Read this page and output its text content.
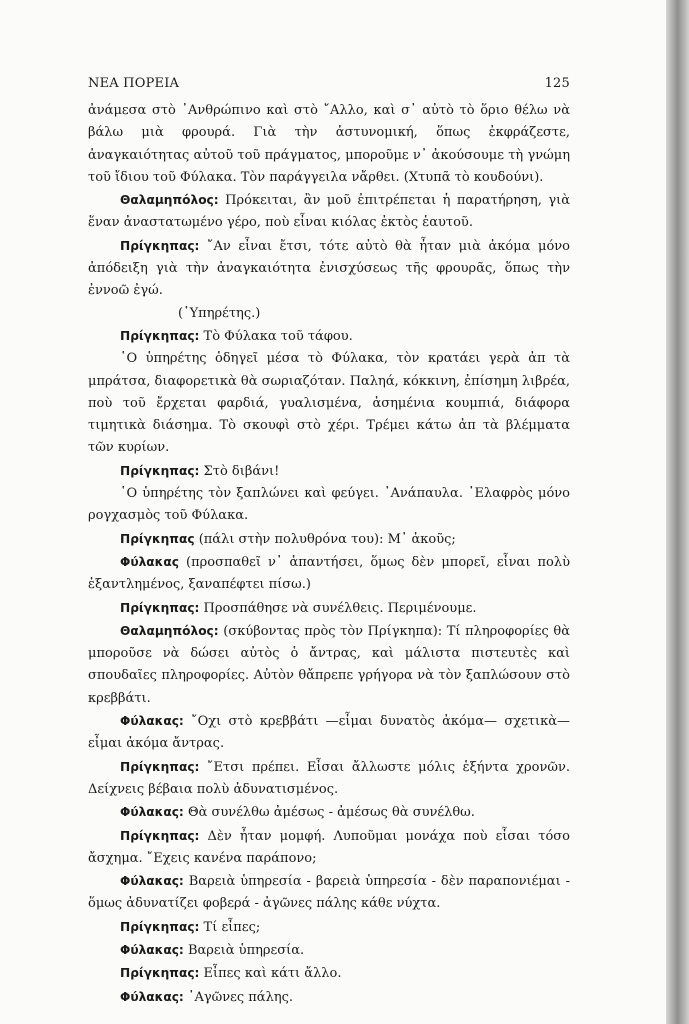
ΝΕΑ ΠΟΡΕΙΑ	125

ἀνάμεσα στὸ ᾿Ανθρώπινο καὶ στὸ ῎Αλλο, καὶ σ᾿ αὐτὸ τὸ ὅριο θέλω νὰ βάλω μιὰ φρουρά. Γιὰ τὴν ἀστυνομική, ὅπως ἐκφράζεστε, ἀναγκαιότητας αὐτοῦ τοῦ πράγματος, μποροῦμε ν᾿ ἀκούσουμε τὴ γνώμη τοῦ ἴδιου τοῦ Φύλακα. Τὸν παράγγειλα νἄρθει. (Χτυπᾶ τὸ κουδούνι).

Θαλαμηπόλος: Πρόκειται, ἂν μοῦ ἐπιτρέπεται ἡ παρατήρηση, γιὰ ἕναν ἀναστατωμένο γέρο, ποὺ εἶναι κιόλας ἐκτὸς ἑαυτοῦ.

Πρίγκηπας: ῎Αν εἶναι ἔτσι, τότε αὐτὸ θὰ ἦταν μιὰ ἀκόμα μόνο ἀπόδειξη γιὰ τὴν ἀναγκαιότητα ἐνισχύσεως τῆς φρουρᾶς, ὅπως τὴν ἐννοῶ ἐγώ.

(῾Υπηρέτης.)

Πρίγκηπας: Τὸ Φύλακα τοῦ τάφου.

῾Ο ὑπηρέτης ὁδηγεῖ μέσα τὸ Φύλακα, τὸν κρατάει γερὰ ἀπ τὰ μπράτσα, διαφορετικὰ θὰ σωριαζόταν. Παληά, κόκκινη, ἐπίσημη λιβρέα, ποὺ τοῦ ἔρχεται φαρδιά, γυαλισμένα, ἀσημένια κουμπιά, διάφορα τιμητικὰ διάσημα. Τὸ σκουφὶ στὸ χέρι. Τρέμει κάτω ἀπ τὰ βλέμματα τῶν κυρίων.

Πρίγκηπας: Στὸ διβάνι!

῾Ο ὑπηρέτης τὸν ξαπλώνει καὶ φεύγει. ᾿Ανάπαυλα. ᾿Ελαφρὸς μόνο ρογχασμὸς τοῦ Φύλακα.

Πρίγκηπας (πάλι στὴν πολυθρόνα του): Μ᾿ ἀκοῦς;

Φύλακας (προσπαθεῖ ν᾿ ἀπαντήσει, ὅμως δὲν μπορεῖ, εἶναι πολὺ ἐξαντλημένος, ξαναπέφτει πίσω.)

Πρίγκηπας: Προσπάθησε νὰ συνέλθεις. Περιμένουμε.

Θαλαμηπόλος: (σκύβοντας πρὸς τὸν Πρίγκηπα): Τί πληροφορίες θὰ μποροῦσε νὰ δώσει αὐτὸς ὁ ἄντρας, καὶ μάλιστα πιστευτὲς καὶ σπουδαῖες πληροφορίες. Αὐτὸν θἄπρεπε γρήγορα νὰ τὸν ξαπλώσουν στὸ κρεββάτι.

Φύλακας: ῎Οχι στὸ κρεββάτι —εἶμαι δυνατὸς ἀκόμα— σχετικὰ— εἶμαι ἀκόμα ἄντρας.

Πρίγκηπας: ῎Ετσι πρέπει. Εἶσαι ἄλλωστε μόλις ἑξήντα χρονῶν. Δείχνεις βέβαια πολὺ ἀδυνατισμένος.

Φύλακας: Θὰ συνέλθω ἀμέσως - ἀμέσως θὰ συνέλθω.

Πρίγκηπας: Δὲν ἦταν μομφή. Λυποῦμαι μονάχα ποὺ εἶσαι τόσο ἄσχημα. ῎Εχεις κανένα παράπονο;

Φύλακας: Βαρειὰ ὑπηρεσία - βαρειὰ ὑπηρεσία - δὲν παραπονιέμαι - ὅμως ἀδυνατίζει φοβερά - ἀγῶνες πάλης κάθε νύχτα.

Πρίγκηπας: Τί εἶπες;

Φύλακας: Βαρειὰ ὑπηρεσία.

Πρίγκηπας: Εἶπες καὶ κάτι ἄλλο.

Φύλακας: ᾿Αγῶνες πάλης.
